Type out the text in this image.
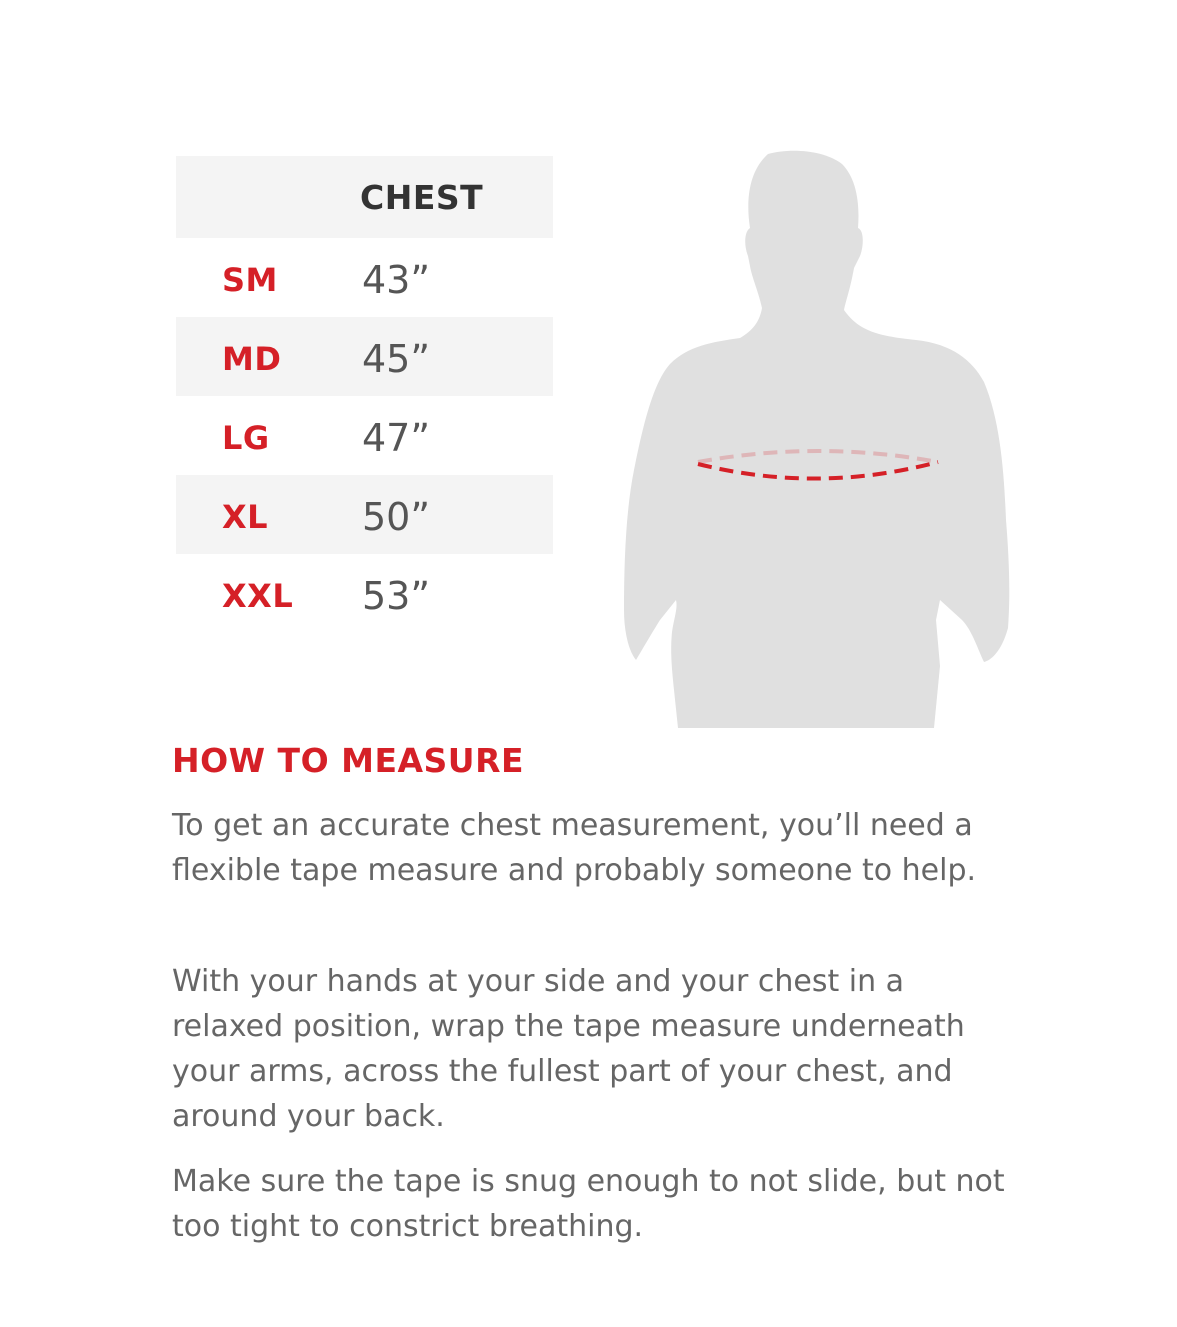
CHEST
SM 43”
MD 45”
LG 47”
XL 50”
XXL 53”
HOW TO MEASURE

To get an accurate chest measurement, you’ll need a flexible tape measure and probably someone to help.

With your hands at your side and your chest in a relaxed position, wrap the tape measure underneath your arms, across the fullest part of your chest, and around your back.

Make sure the tape is snug enough to not slide, but not too tight to constrict breathing.
